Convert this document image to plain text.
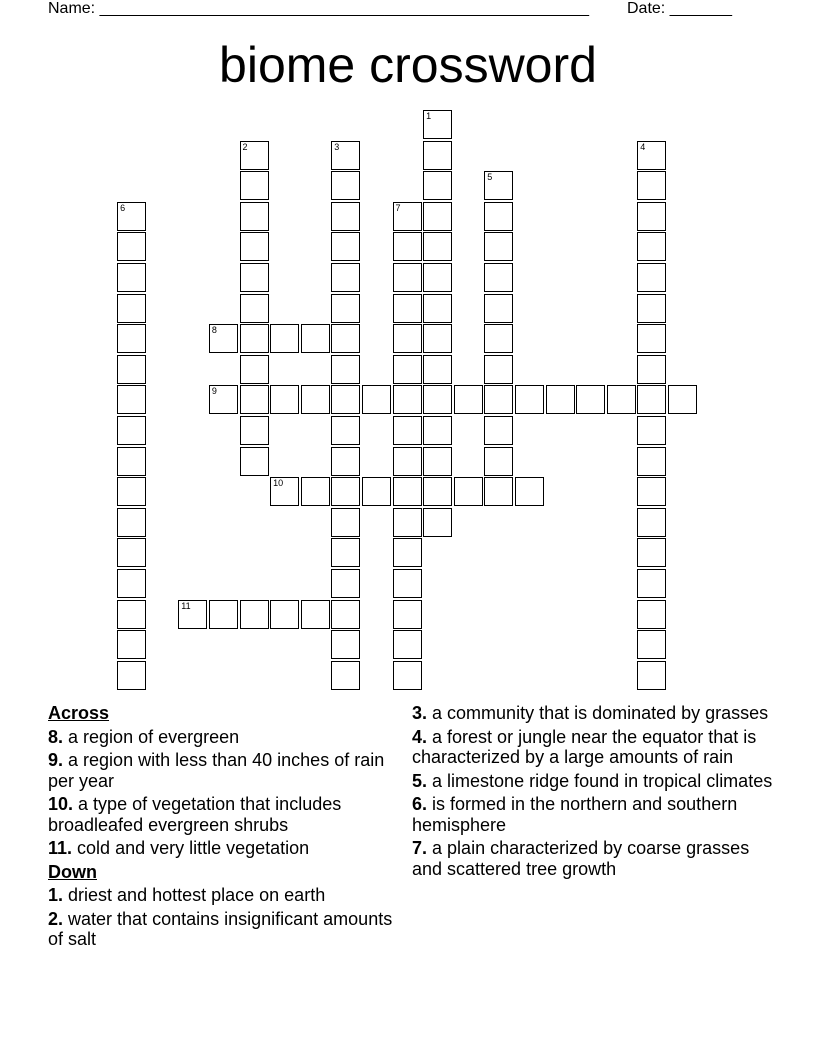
Name: _______________________________________________________ Date: _______
biome crossword
1
2	3	4
5
6	7
8
9
10
11
Across
8. a region of evergreen
9. a region with less than 40 inches of rain per year
10. a type of vegetation that includes broadleafed evergreen shrubs
11. cold and very little vegetation
Down
1. driest and hottest place on earth
2. water that contains insignificant amounts of salt
3. a community that is dominated by grasses
4. a forest or jungle near the equator that is characterized by a large amounts of rain
5. a limestone ridge found in tropical climates
6. is formed in the northern and southern hemisphere
7. a plain characterized by coarse grasses and scattered tree growth
